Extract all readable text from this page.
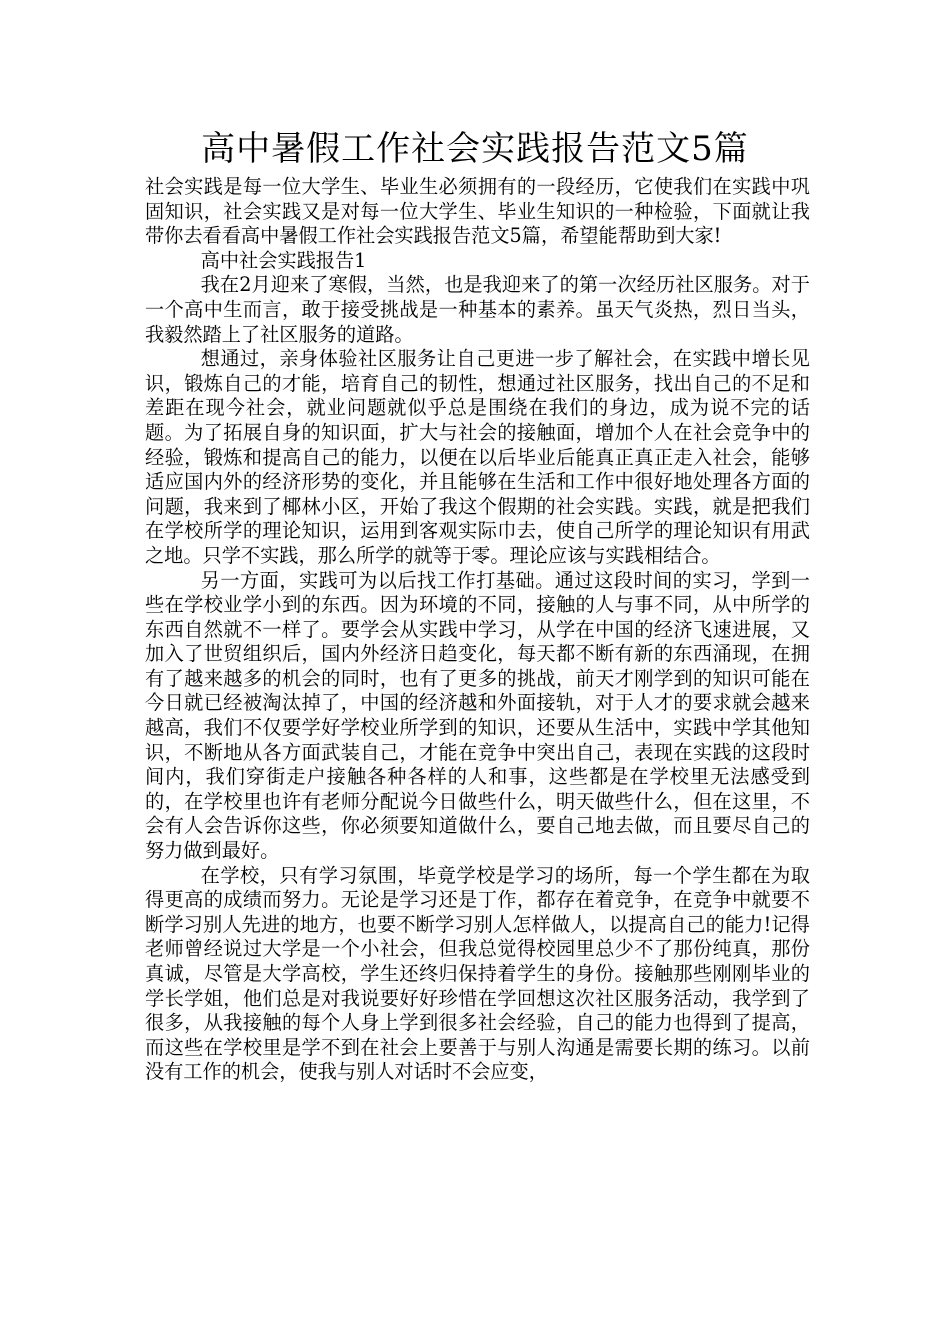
高中暑假工作社会实践报告范文5篇

社会实践是每一位大学生、毕业生必须拥有的一段经历，它使我们在实践中巩固知识，社会实践又是对每一位大学生、毕业生知识的一种检验，下面就让我带你去看看高中暑假工作社会实践报告范文5篇，希望能帮助到大家!

高中社会实践报告1

我在2月迎来了寒假，当然，也是我迎来了的第一次经历社区服务。对于一个高中生而言，敢于接受挑战是一种基本的素养。虽天气炎热，烈日当头，我毅然踏上了社区服务的道路。

想通过，亲身体验社区服务让自己更进一步了解社会，在实践中增长见识，锻炼自己的才能，培育自己的韧性，想通过社区服务，找出自己的不足和差距在现今社会，就业问题就似乎总是围绕在我们的身边，成为说不完的话题。为了拓展自身的知识面，扩大与社会的接触面，增加个人在社会竞争中的经验，锻炼和提高自己的能力，以便在以后毕业后能真正真正走入社会，能够适应国内外的经济形势的变化，并且能够在生活和工作中很好地处理各方面的问题，我来到了椰林小区，开始了我这个假期的社会实践。实践，就是把我们在学校所学的理论知识，运用到客观实际巾去，使自己所学的理论知识有用武之地。只学不实践，那么所学的就等于零。理论应该与实践相结合。

另一方面，实践可为以后找工作打基础。通过这段时间的实习，学到一些在学校业学小到的东西。因为环境的不同，接触的人与事不同，从中所学的东西自然就不一样了。要学会从实践中学习，从学在中国的经济飞速进展，又加入了世贸组织后，国内外经济日趋变化，每天都不断有新的东西涌现，在拥有了越来越多的机会的同时，也有了更多的挑战，前天才刚学到的知识可能在今日就已经被淘汰掉了，中国的经济越和外面接轨，对于人才的要求就会越来越高，我们不仅要学好学校业所学到的知识，还要从生活中，实践中学其他知识，不断地从各方面武装自己，才能在竞争中突出自己，表现在实践的这段时间内，我们穿街走户接触各种各样的人和事，这些都是在学校里无法感受到的，在学校里也许有老师分配说今日做些什么，明天做些什么，但在这里，不会有人会告诉你这些，你必须要知道做什么，要自己地去做，而且要尽自己的努力做到最好。

在学校，只有学习氛围，毕竟学校是学习的场所，每一个学生都在为取得更高的成绩而努力。无论是学习还是丁作，都存在着竞争，在竞争中就要不断学习别人先进的地方，也要不断学习别人怎样做人，以提高自己的能力!记得老师曾经说过大学是一个小社会，但我总觉得校园里总少不了那份纯真，那份真诚，尽管是大学高校，学生还终归保持着学生的身份。接触那些刚刚毕业的学长学姐，他们总是对我说要好好珍惜在学回想这次社区服务活动，我学到了很多，从我接触的每个人身上学到很多社会经验，自己的能力也得到了提高，而这些在学校里是学不到在社会上要善于与别人沟通是需要长期的练习。以前没有工作的机会，使我与别人对话时不会应变，
